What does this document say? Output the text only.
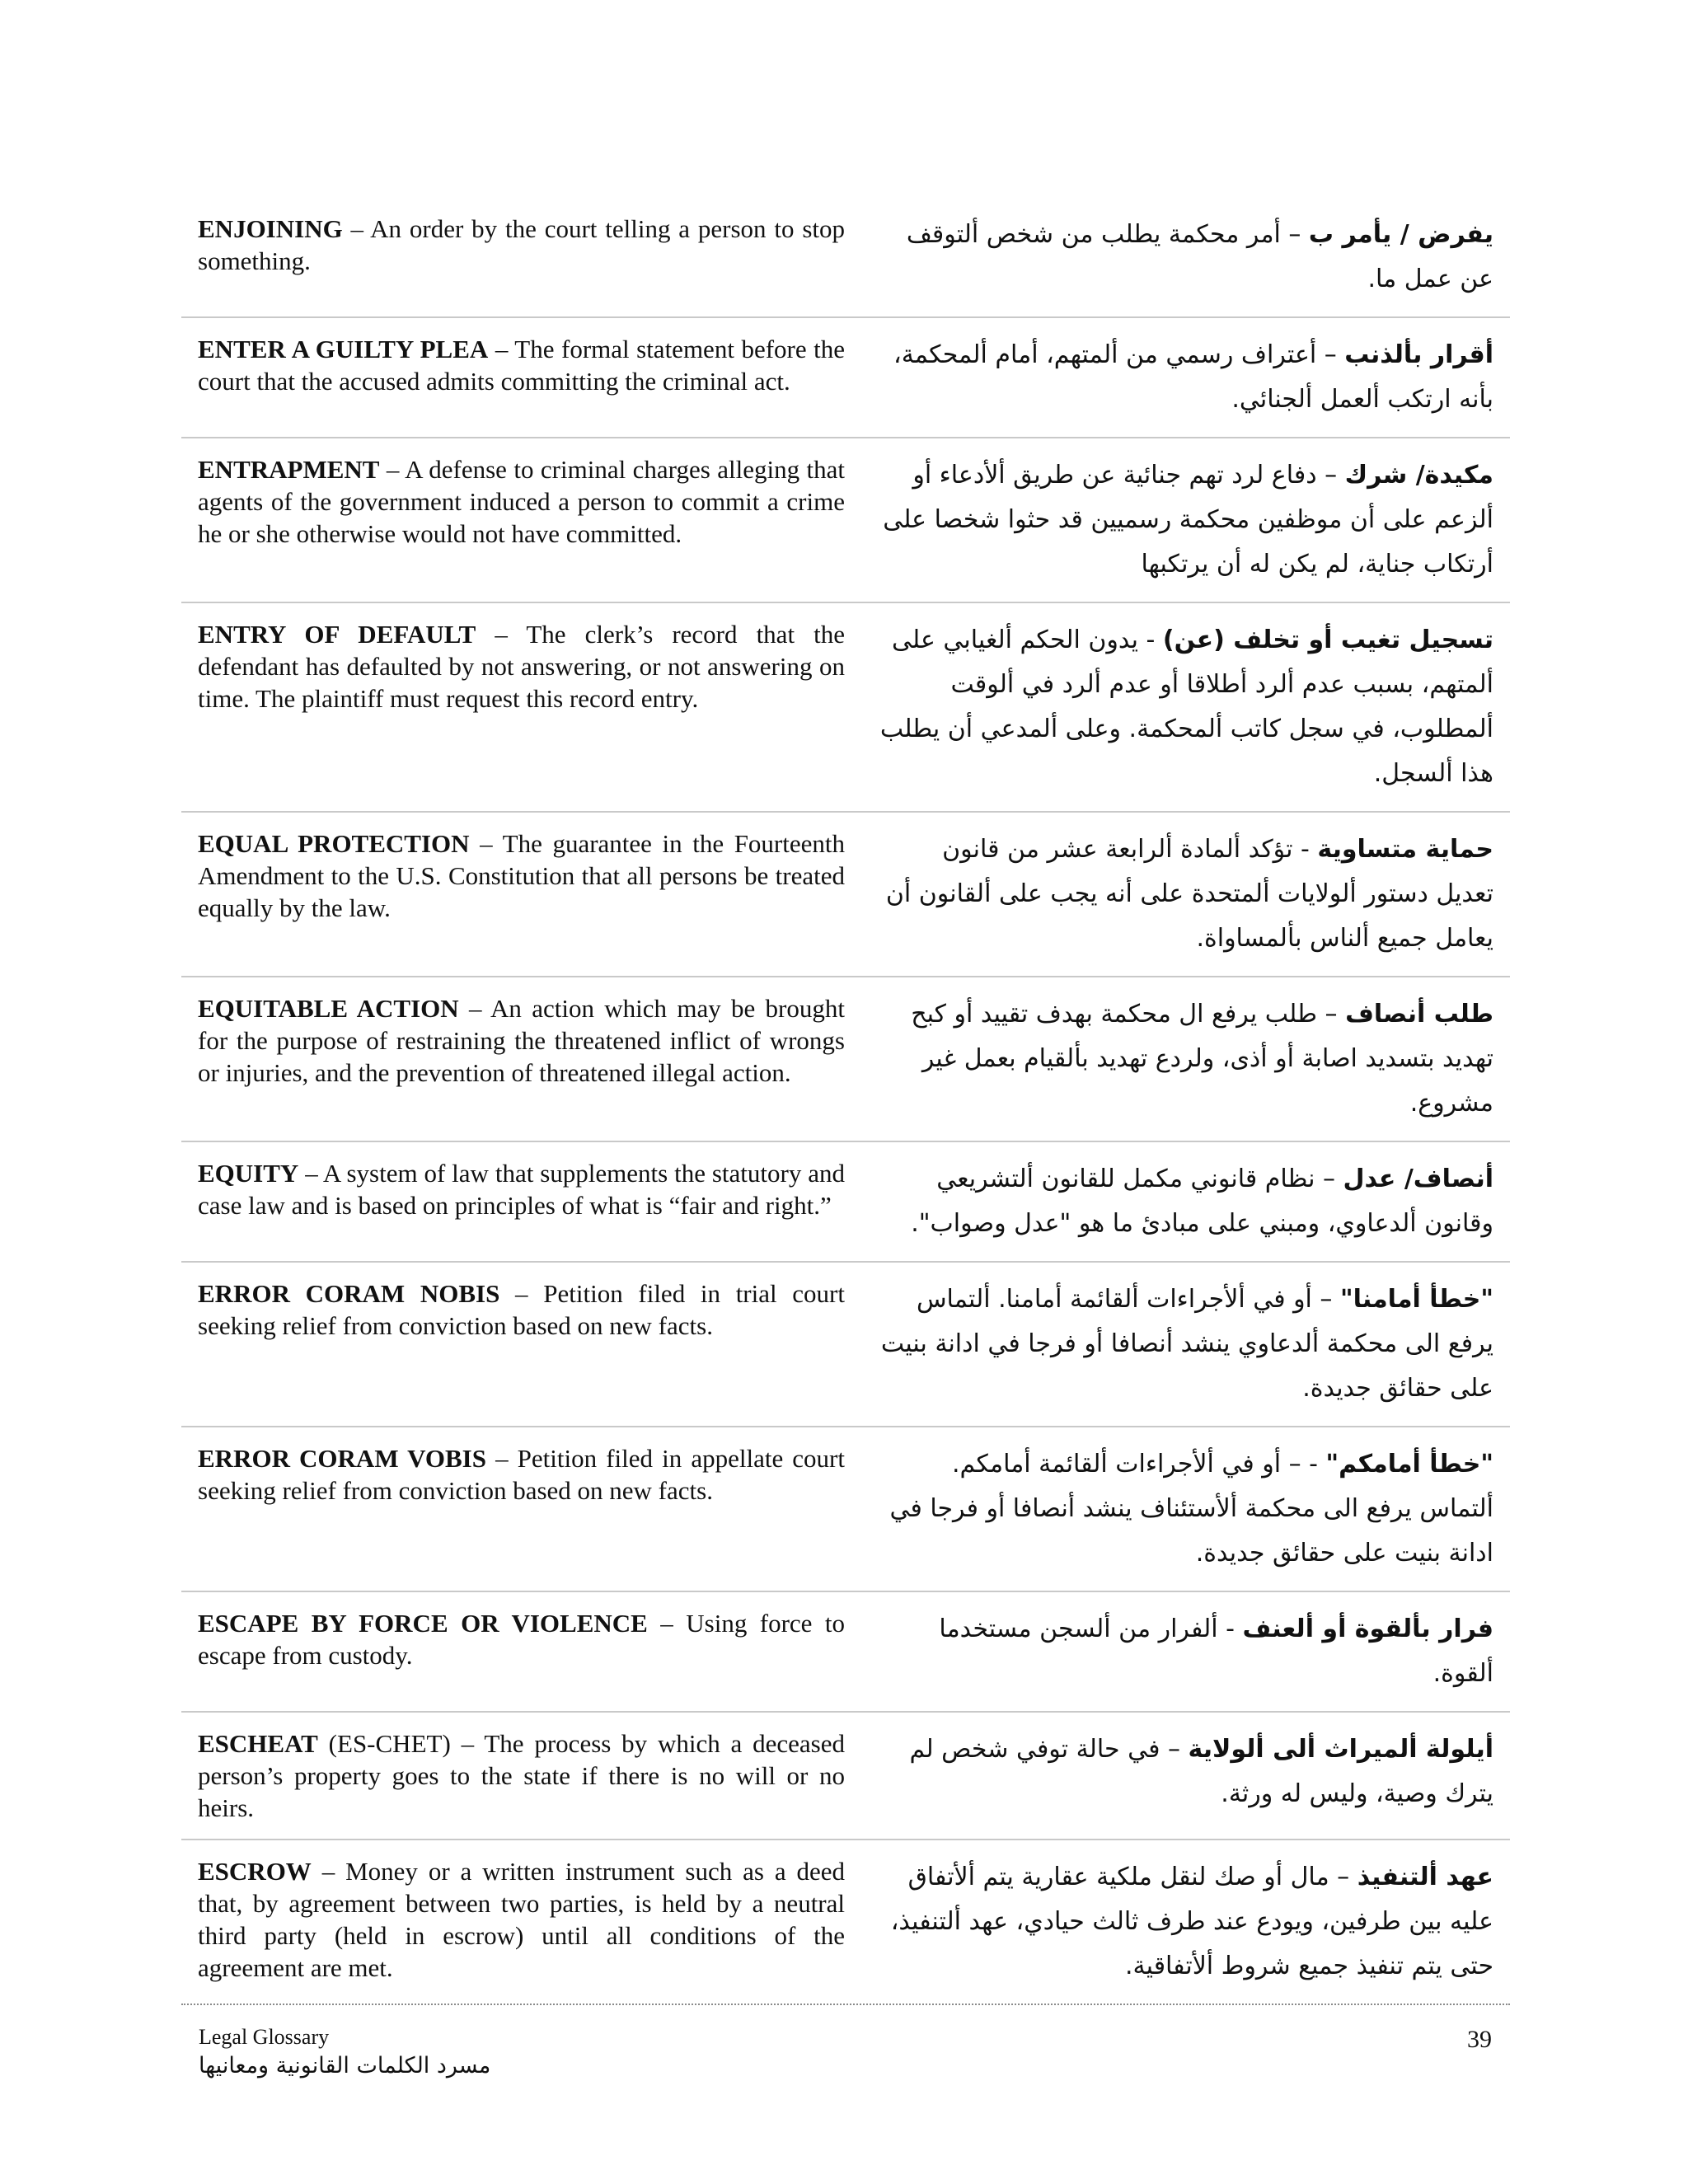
ENJOINING – An order by the court telling a person to stop something.
يفرض / يأمر ب – أمر محكمة يطلب من شخص ألتوقف عن عمل ما.
ENTER A GUILTY PLEA – The formal statement before the court that the accused admits committing the criminal act.
أقرار بألذنب – أعتراف رسمي من ألمتهم، أمام ألمحكمة، بأنه ارتكب ألعمل ألجنائي.
ENTRAPMENT – A defense to criminal charges alleging that agents of the government induced a person to commit a crime he or she otherwise would not have committed.
مكيدة/ شرك – دفاع لرد تهم جنائية عن طريق ألأدعاء أو ألزعم على أن موظفين محكمة رسميين قد حثوا شخصا على أرتكاب جناية، لم يكن له أن يرتكبها
ENTRY OF DEFAULT – The clerk’s record that the defendant has defaulted by not answering, or not answering on time. The plaintiff must request this record entry.
تسجيل تغيب أو تخلف (عن) - يدون الحكم ألغيابي على ألمتهم، بسبب عدم ألرد أطلاقا أو عدم ألرد في ألوقت ألمطلوب، في سجل كاتب ألمحكمة. وعلى ألمدعي أن يطلب هذا ألسجل.
EQUAL PROTECTION – The guarantee in the Fourteenth Amendment to the U.S. Constitution that all persons be treated equally by the law.
حماية متساوية - تؤكد ألمادة ألرابعة عشر من قانون تعديل دستور ألولايات ألمتحدة على أنه يجب على ألقانون أن يعامل جميع ألناس بألمساواة.
EQUITABLE ACTION – An action which may be brought for the purpose of restraining the threatened inflict of wrongs or injuries, and the prevention of threatened illegal action.
طلب أنصاف – طلب يرفع ال محكمة بهدف تقييد أو كبح تهديد بتسديد اصابة أو أذى، ولردع تهديد بألقيام بعمل غير مشروع.
EQUITY – A system of law that supplements the statutory and case law and is based on principles of what is “fair and right.”
أنصاف/ عدل – نظام قانوني مكمل للقانون ألتشريعي وقانون ألدعاوي، ومبني على مبادئ ما هو "عدل وصواب".
ERROR CORAM NOBIS – Petition filed in trial court seeking relief from conviction based on new facts.
"خطأ أمامنا" – أو في ألأجراءات ألقائمة أمامنا. ألتماس يرفع الى محكمة ألدعاوي ينشد أنصافا أو فرجا في ادانة بنيت على حقائق جديدة.
ERROR CORAM VOBIS – Petition filed in appellate court seeking relief from conviction based on new facts.
"خطأ أمامكم" - – أو في ألأجراءات ألقائمة أمامكم. ألتماس يرفع الى محكمة ألأستئناف ينشد أنصافا أو فرجا في ادانة بنيت على حقائق جديدة.
ESCAPE BY FORCE OR VIOLENCE – Using force to escape from custody.
فرار بألقوة أو ألعنف - ألفرار من ألسجن مستخدما ألقوة.
ESCHEAT (ES-CHET) – The process by which a deceased person’s property goes to the state if there is no will or no heirs.
أيلولة ألميراث ألى ألولاية – في حالة توفي شخص لم يترك وصية، وليس له ورثة.
ESCROW – Money or a written instrument such as a deed that, by agreement between two parties, is held by a neutral third party (held in escrow) until all conditions of the agreement are met.
عهد ألتنفيذ – مال أو صك لنقل ملكية عقارية يتم ألأتفاق عليه بين طرفين، ويودع عند طرف ثالث حيادي، عهد ألتنفيذ، حتى يتم تنفيذ جميع شروط ألأتفاقية.
Legal Glossary
مسرد الكلمات القانونية ومعانيها
39
